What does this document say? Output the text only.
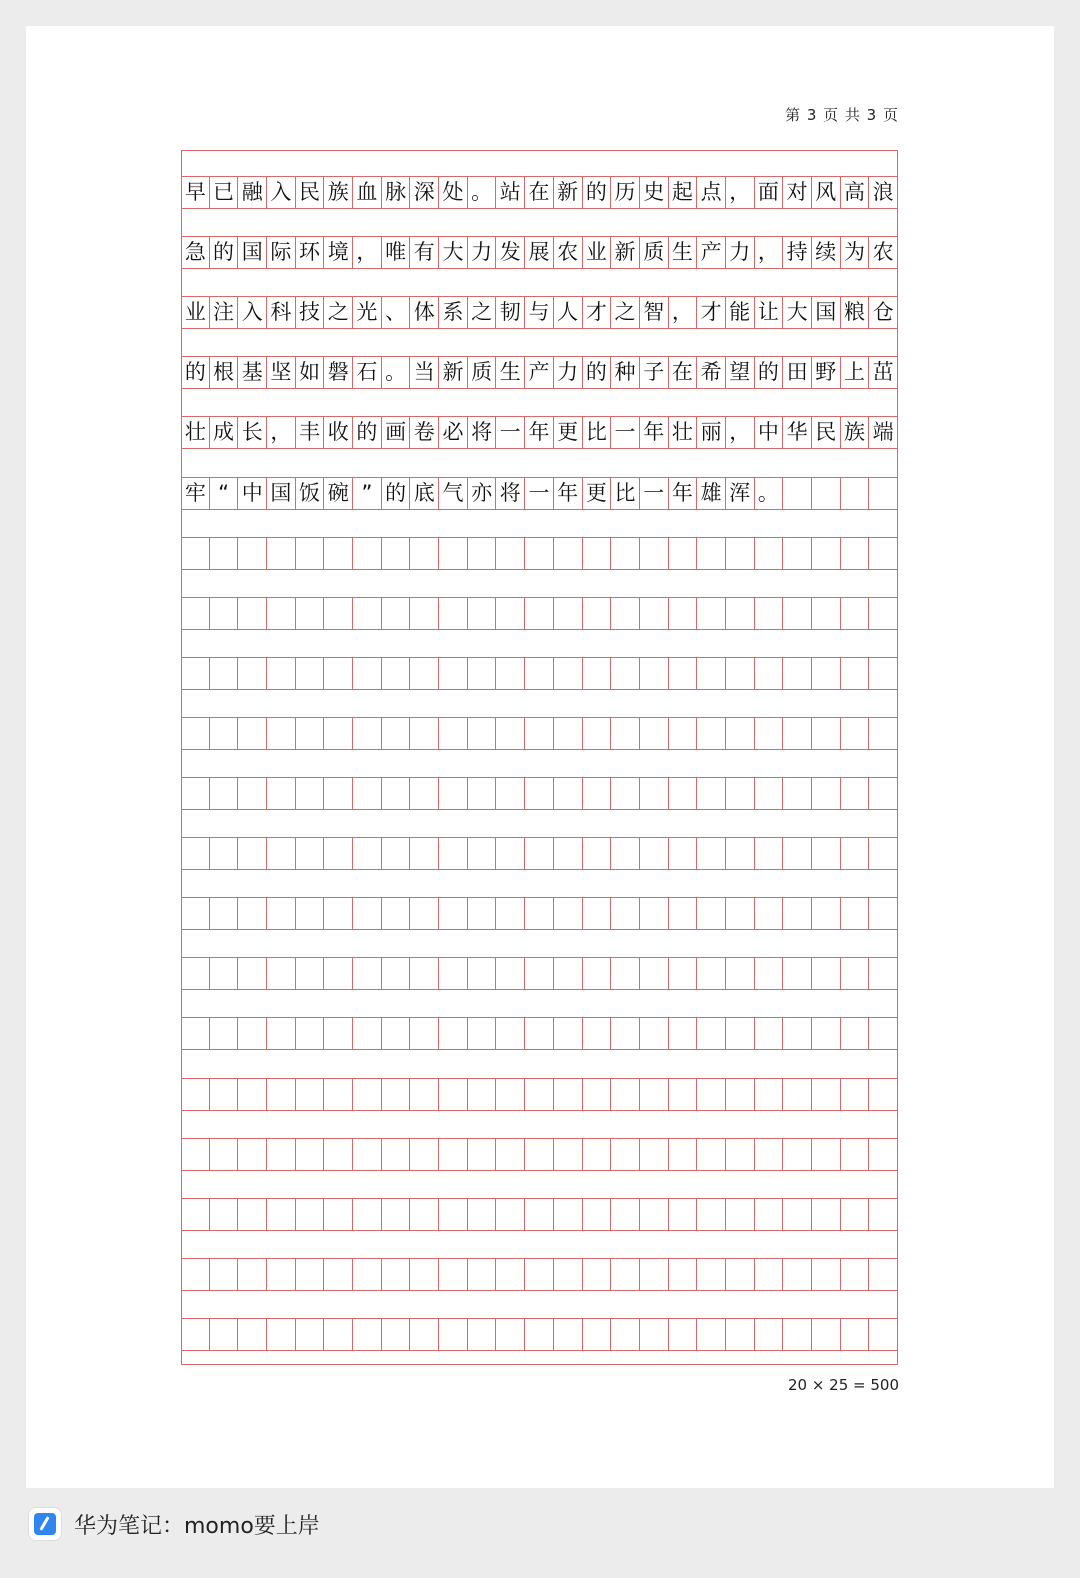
第 3 页 共 3 页
早 已 融 入 民 族 血 脉 深 处 。 站 在 新 的 历 史 起 点 ， 面 对 风 高 浪
急 的 国 际 环 境 ， 唯 有 大 力 发 展 农 业 新 质 生 产 力 ， 持 续 为 农
业 注 入 科 技 之 光 、 体 系 之 韧 与 人 才 之 智 ， 才 能 让 大 国 粮 仓
的 根 基 坚 如 磐 石 。 当 新 质 生 产 力 的 种 子 在 希 望 的 田 野 上 茁
壮 成 长 ， 丰 收 的 画 卷 必 将 一 年 更 比 一 年 壮 丽 ， 中 华 民 族 端
牢 “ 中 国 饭 碗 ” 的 底 气 亦 将 一 年 更 比 一 年 雄 浑 。
20 × 25 = 500
华为笔记：momo要上岸
